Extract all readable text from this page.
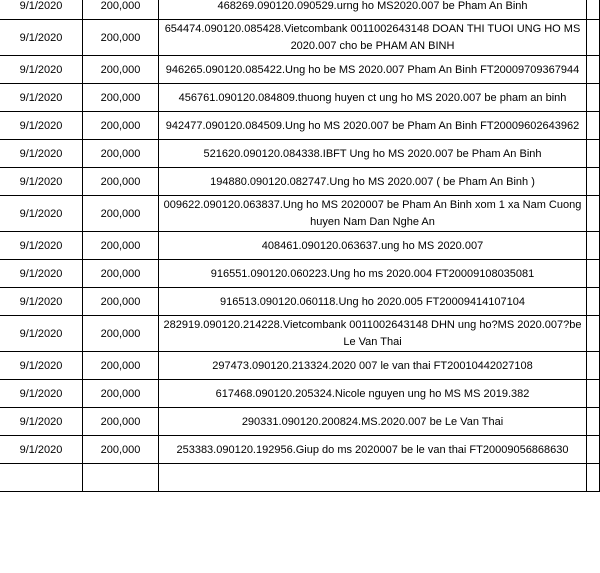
9/1/2020	200,000	468269.090120.090529.urng ho MS2020.007 be Pham An Binh	
9/1/2020	200,000	654474.090120.085428.Vietcombank 0011002643148 DOAN THI TUOI UNG HO MS 2020.007 cho be PHAM AN BINH	
9/1/2020	200,000	946265.090120.085422.Ung ho be MS 2020.007 Pham An Binh FT20009709367944	
9/1/2020	200,000	456761.090120.084809.thuong huyen ct ung ho MS 2020.007 be pham an binh	
9/1/2020	200,000	942477.090120.084509.Ung ho MS 2020.007 be Pham An Binh FT20009602643962	
9/1/2020	200,000	521620.090120.084338.IBFT Ung ho MS 2020.007 be Pham An Binh	
9/1/2020	200,000	194880.090120.082747.Ung ho MS 2020.007 ( be Pham An Binh )	
9/1/2020	200,000	009622.090120.063837.Ung ho MS 2020007 be Pham An Binh xom 1 xa Nam Cuong huyen Nam Dan Nghe An	
9/1/2020	200,000	408461.090120.063637.ung ho MS 2020.007	
9/1/2020	200,000	916551.090120.060223.Ung ho ms 2020.004 FT20009108035081	
9/1/2020	200,000	916513.090120.060118.Ung ho 2020.005 FT20009414107104	
9/1/2020	200,000	282919.090120.214228.Vietcombank 0011002643148 DHN ung ho?MS 2020.007?be Le Van Thai	
9/1/2020	200,000	297473.090120.213324.2020 007 le van thai FT20010442027108	
9/1/2020	200,000	617468.090120.205324.Nicole nguyen ung ho MS MS 2019.382	
9/1/2020	200,000	290331.090120.200824.MS.2020.007 be Le Van Thai	
9/1/2020	200,000	253383.090120.192956.Giup do ms 2020007 be le van thai FT20009056868630	
